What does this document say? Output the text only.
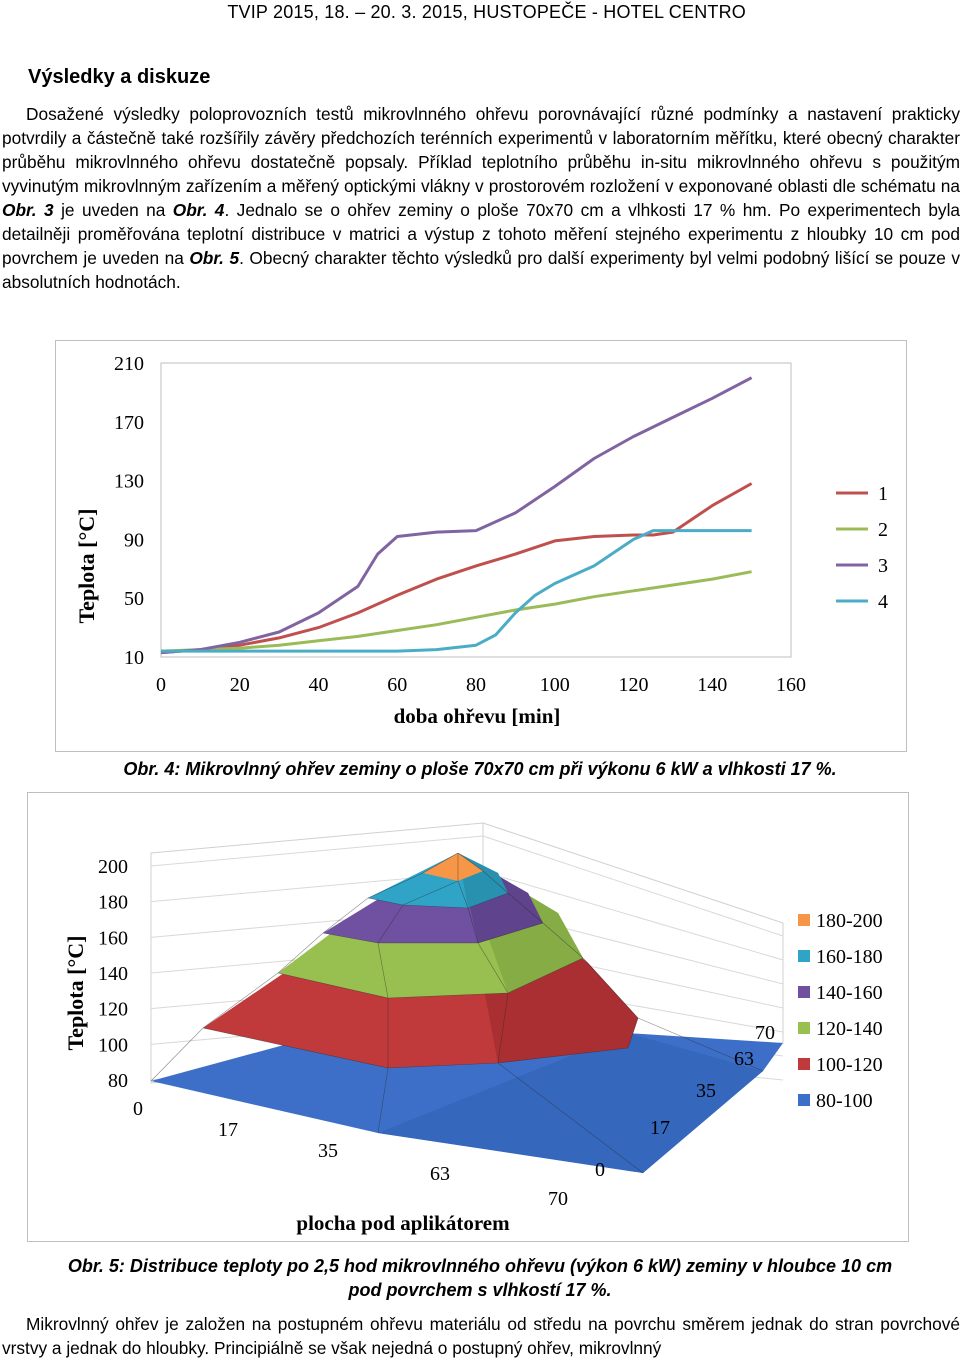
TVIP 2015, 18. – 20. 3. 2015, HUSTOPEČE - HOTEL CENTRO
Výsledky a diskuze
Dosažené výsledky poloprovozních testů mikrovlnného ohřevu porovnávající různé podmínky a nastavení prakticky potvrdily a částečně také rozšířily závěry předchozích terénních experimentů v laboratorním měřítku, které obecný charakter průběhu mikrovlnného ohřevu dostatečně popsaly. Příklad teplotního průběhu in-situ mikrovlnného ohřevu s použitým vyvinutým mikrovlnným zařízením a měřený optickými vlákny v prostorovém rozložení v exponované oblasti dle schématu na Obr. 3 je uveden na Obr. 4. Jednalo se o ohřev zeminy o ploše 70x70 cm a vlhkosti 17 % hm. Po experimentech byla detailněji proměřována teplotní distribuce v matrici a výstup z tohoto měření stejného experimentu z hloubky 10 cm pod povrchem je uveden na Obr. 5. Obecný charakter těchto výsledků pro další experimenty byl velmi podobný lišící se pouze v absolutních hodnotách.
10
50
90
130
170
210
0	20	40	60	80	100 120 140 160
Teplota [°C]
doba ohřevu [min]
1
2
3
4
Obr. 4: Mikrovlnný ohřev zeminy o ploše 70x70 cm při výkonu 6 kW a vlhkosti 17 %.
200
180
160
140
120
100
80
0
17
35
63
70
0
17
35
63
70
Teplota [°C]
plocha pod aplikátorem
180-200
160-180
140-160
120-140
100-120
80-100
Obr. 5: Distribuce teploty po 2,5 hod mikrovlnného ohřevu (výkon 6 kW) zeminy v hloubce 10 cm
pod povrchem s vlhkostí 17 %.
Mikrovlnný ohřev je založen na postupném ohřevu materiálu od středu na povrchu směrem jednak do stran povrchové vrstvy a jednak do hloubky. Principiálně se však nejedná o postupný ohřev, mikrovlnný
